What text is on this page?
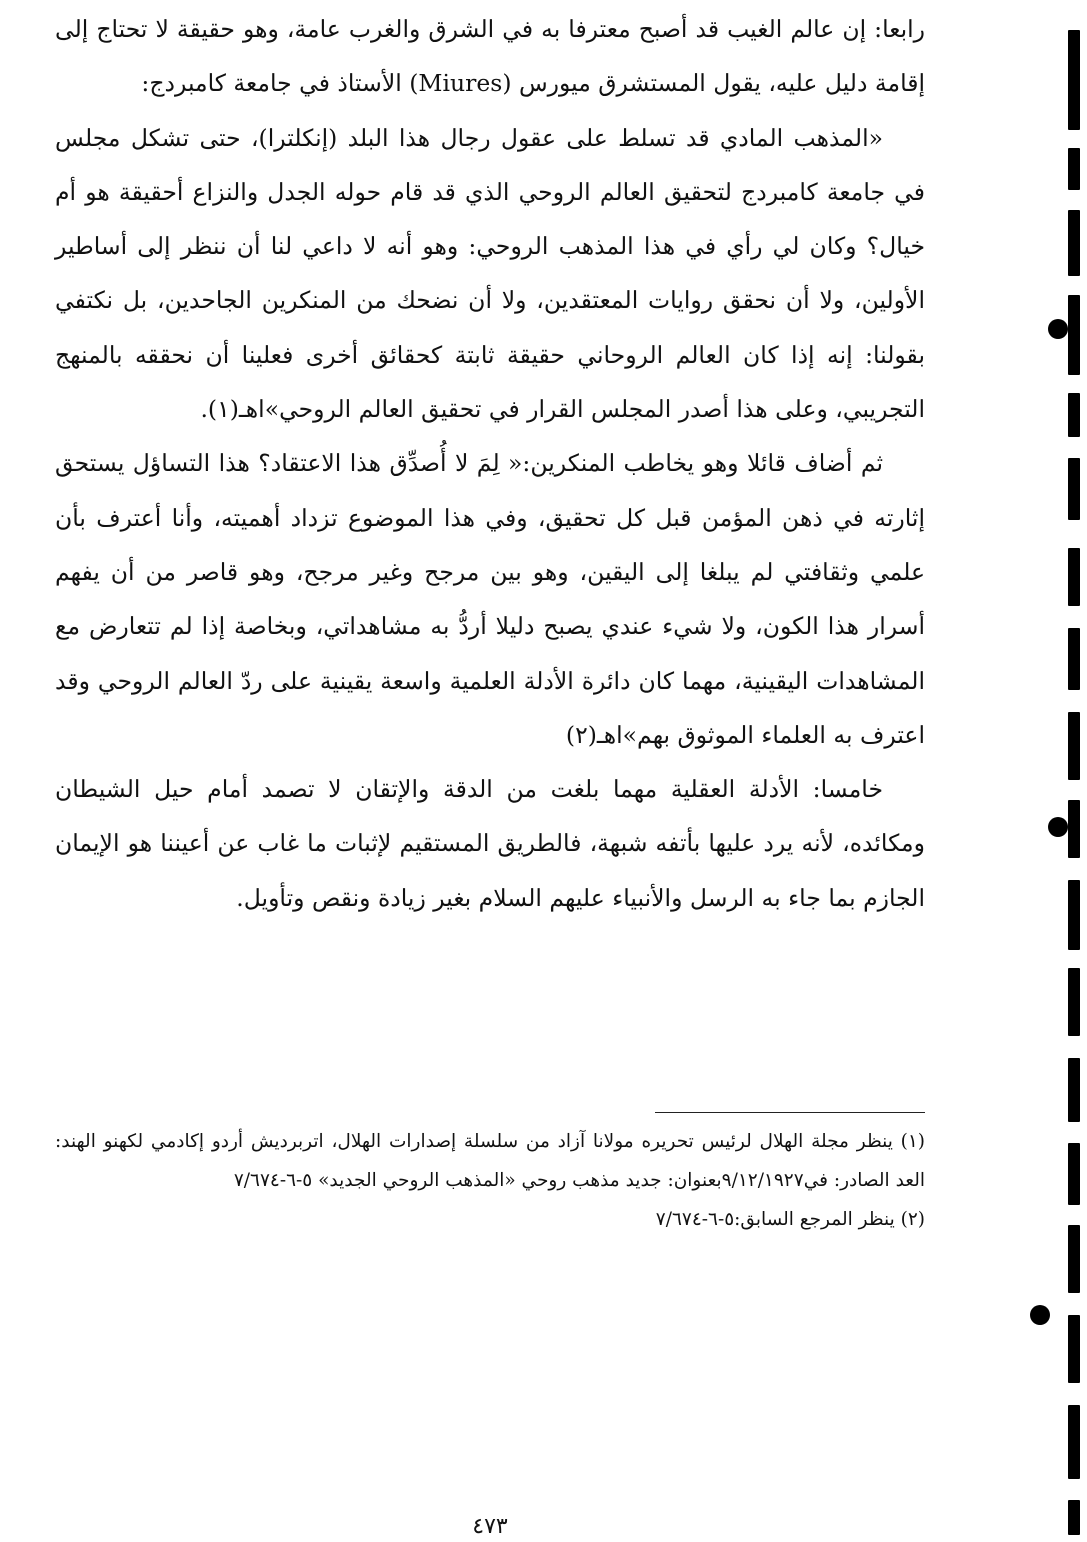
رابعا: إن عالم الغيب قد أصبح معترفا به في الشرق والغرب عامة، وهو حقيقة لا تحتاج إلى إقامة دليل عليه، يقول المستشرق ميورس (Miures) الأستاذ في جامعة كامبردج:

«المذهب المادي قد تسلط على عقول رجال هذا البلد (إنكلترا)، حتى تشكل مجلس في جامعة كامبردج لتحقيق العالم الروحي الذي قد قام حوله الجدل والنزاع أحقيقة هو أم خيال؟ وكان لي رأي في هذا المذهب الروحي: وهو أنه لا داعي لنا أن ننظر إلى أساطير الأولين، ولا أن نحقق روايات المعتقدين، ولا أن نضحك من المنكرين الجاحدين، بل نكتفي بقولنا: إنه إذا كان العالم الروحاني حقيقة ثابتة كحقائق أخرى فعلينا أن نحققه بالمنهج التجريبي، وعلى هذا أصدر المجلس القرار في تحقيق العالم الروحي»اهـ(١).

ثم أضاف قائلا وهو يخاطب المنكرين:« لِمَ لا أُصدِّق هذا الاعتقاد؟ هذا التساؤل يستحق إثارته في ذهن المؤمن قبل كل تحقيق، وفي هذا الموضوع تزداد أهميته، وأنا أعترف بأن علمي وثقافتي لم يبلغا إلى اليقين، وهو بين مرجح وغير مرجح، وهو قاصر من أن يفهم أسرار هذا الكون، ولا شيء عندي يصبح دليلا أردُّ به مشاهداتي، وبخاصة إذا لم تتعارض مع المشاهدات اليقينية، مهما كان دائرة الأدلة العلمية واسعة يقينية على ردّ العالم الروحي وقد اعترف به العلماء الموثوق بهم»اهـ(٢)

خامسا: الأدلة العقلية مهما بلغت من الدقة والإتقان لا تصمد أمام حيل الشيطان ومكائده، لأنه يرد عليها بأتفه شبهة، فالطريق المستقيم لإثبات ما غاب عن أعيننا هو الإيمان الجازم بما جاء به الرسل والأنبياء عليهم السلام بغير زيادة ونقص وتأويل.

(١) ينظر مجلة الهلال لرئيس تحريره مولانا آزاد من سلسلة إصدارات الهلال، اتربرديش أردو إكادمي لكهنو الهند: العد الصادر: في٩/١٢/١٩٢٧بعنوان: جديد مذهب روحي «المذهب الروحي الجديد» ٥-٦-٧/٦٧٤

(٢) ينظر المرجع السابق:٥-٦-٧/٦٧٤

٤٧٣
